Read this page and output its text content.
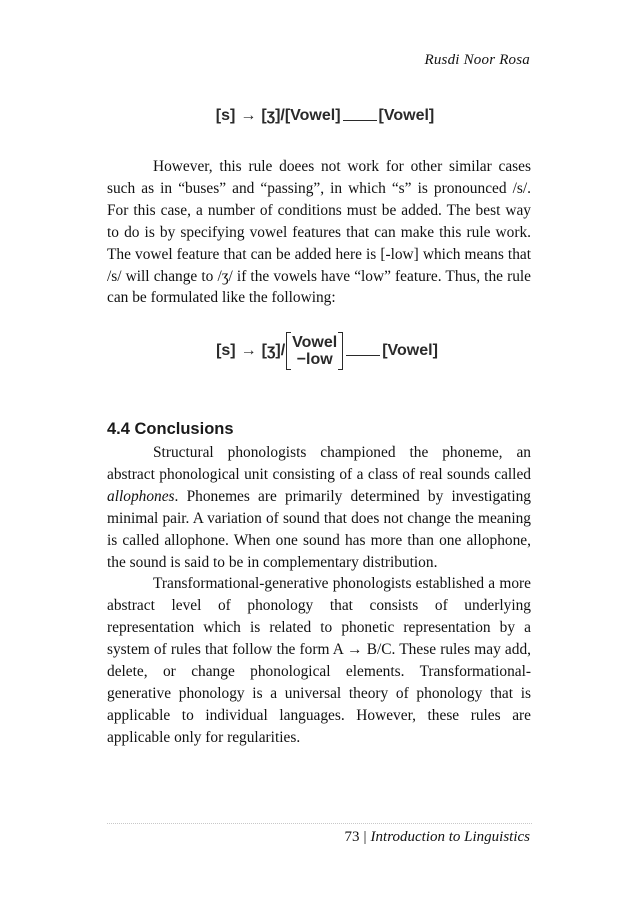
Rusdi Noor Rosa
[s] → [ʒ]/[Vowel] [Vowel]

However, this rule doees not work for other similar cases such as in “buses” and “passing”, in which “s” is pronounced /s/. For this case, a number of conditions must be added. The best way to do is by specifying vowel features that can make this rule work. The vowel feature that can be added here is [-low] which means that /s/ will change to /ʒ/ if the vowels have “low” feature. Thus, the rule can be formulated like the following:

[s] → [ʒ]/ Vowel
−low
[Vowel]
4.4 Conclusions

Structural phonologists championed the phoneme, an abstract phonological unit consisting of a class of real sounds called allophones. Phonemes are primarily determined by investigating minimal pair. A variation of sound that does not change the meaning is called allophone. When one sound has more than one allophone, the sound is said to be in complementary distribution.

Transformational-generative phonologists established a more abstract level of phonology that consists of underlying representation which is related to phonetic representation by a system of rules that follow the form A → B/C. These rules may add, delete, or change phonological elements. Transformational-generative phonology is a universal theory of phonology that is applicable to individual languages. However, these rules are applicable only for regularities.

73 | Introduction to Linguistics
